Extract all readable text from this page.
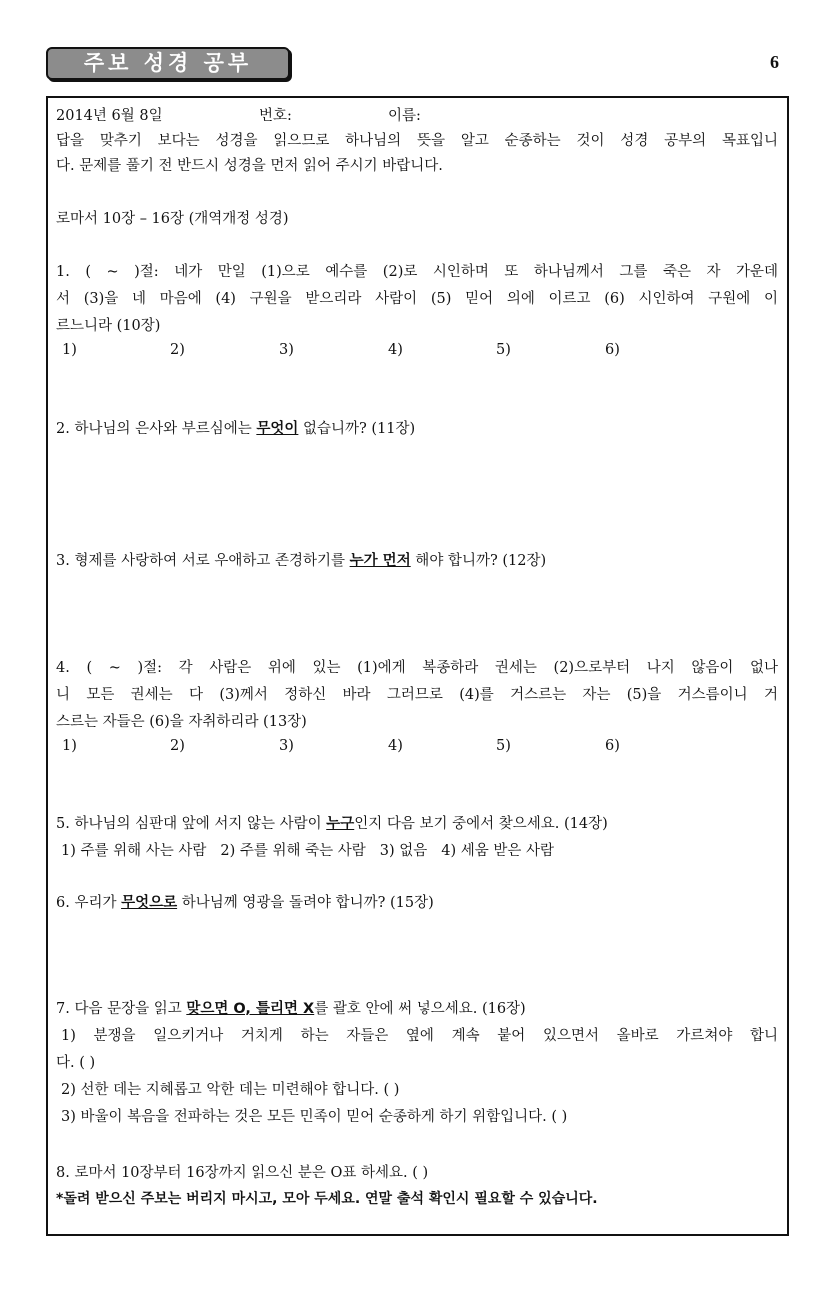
주보 성경 공부	6
2014년 6월 8일	번호:	이름:
답을 맞추기 보다는 성경을 읽으므로 하나님의 뜻을 알고 순종하는 것이 성경 공부의 목표입니
다. 문제를 풀기 전 반드시 성경을 먼저 읽어 주시기 바랍니다.
로마서 10장 – 16장 (개역개정 성경)
1. ( ~ )절: 네가 만일 (1)으로 예수를 (2)로 시인하며 또 하나님께서 그를 죽은 자 가운데
서 (3)을 네 마음에 (4) 구원을 받으리라 사람이 (5) 믿어 의에 이르고 (6) 시인하여 구원에 이
르느니라 (10장)
1)	2)	3)	4)	5)	6)
2. 하나님의 은사와 부르심에는 무엇이 없습니까? (11장)
3. 형제를 사랑하여 서로 우애하고 존경하기를 누가 먼저 해야 합니까? (12장)
4. ( ~ )절: 각 사람은 위에 있는 (1)에게 복종하라 권세는 (2)으로부터 나지 않음이 없나
니 모든 권세는 다 (3)께서 정하신 바라 그러므로 (4)를 거스르는 자는 (5)을 거스름이니 거
스르는 자들은 (6)을 자취하리라 (13장)
1)	2)	3)	4)	5)	6)
5. 하나님의 심판대 앞에 서지 않는 사람이 누구인지 다음 보기 중에서 찾으세요. (14장)
1) 주를 위해 사는 사람 2) 주를 위해 죽는 사람 3) 없음 4) 세움 받은 사람
6. 우리가 무엇으로 하나님께 영광을 돌려야 합니까? (15장)
7. 다음 문장을 읽고 맞으면 O, 틀리면 X를 괄호 안에 써 넣으세요. (16장)
1) 분쟁을 일으키거나 거치게 하는 자들은 옆에 계속 붙어 있으면서 올바로 가르쳐야 합니
다. ( )
2) 선한 데는 지혜롭고 악한 데는 미련해야 합니다. ( )
3) 바울이 복음을 전파하는 것은 모든 민족이 믿어 순종하게 하기 위함입니다. ( )
8. 로마서 10장부터 16장까지 읽으신 분은 O표 하세요. ( )
*돌려 받으신 주보는 버리지 마시고, 모아 두세요. 연말 출석 확인시 필요할 수 있습니다.
